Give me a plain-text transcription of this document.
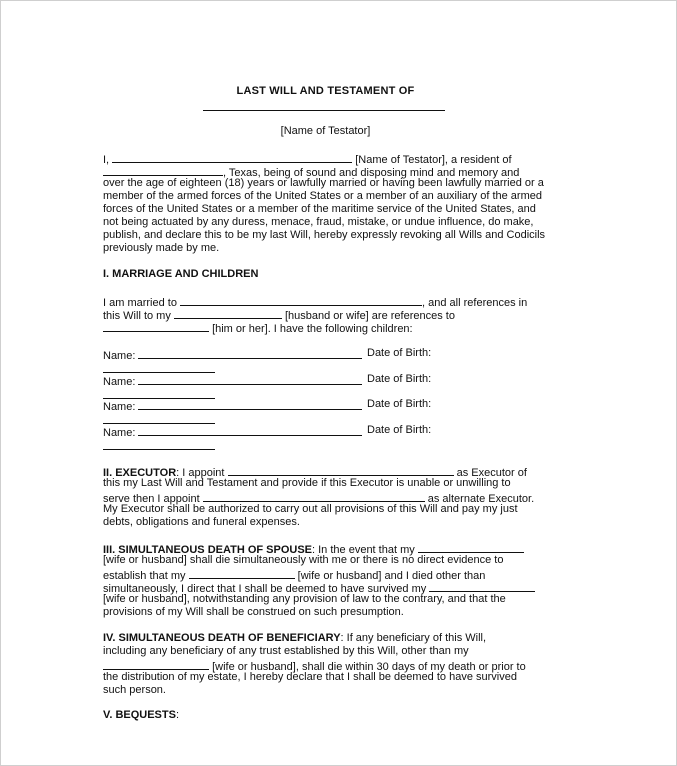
LAST WILL AND TESTAMENT OF
[Name of Testator]
I,	[Name of Testator], a resident of
, Texas, being of sound and disposing mind and memory and

over the age of eighteen (18) years or lawfully married or having been lawfully married or a member of the armed forces of the United States or a member of an auxiliary of the armed forces of the United States or a member of the maritime service of the United States, and not being actuated by any duress, menace, fraud, mistake, or undue influence, do make, publish, and declare this to be my last Will, hereby expressly revoking all Wills and Codicils previously made by me.

I. MARRIAGE AND CHILDREN
I am married to	, and all references in
this Will to my	[husband or wife] are references to
[him or her]. I have the following children:
Name:	Date of Birth:
Name:	Date of Birth:
Name:	Date of Birth:
Name:	Date of Birth:
II. EXECUTOR: I appoint	as Executor of
this my Last Will and Testament and provide if this Executor is unable or unwilling to
serve then I appoint	as alternate Executor.

My Executor shall be authorized to carry out all provisions of this Will and pay my just debts, obligations and funeral expenses.

III. SIMULTANEOUS DEATH OF SPOUSE: In the event that my
[wife or husband] shall die simultaneously with me or there is no direct evidence to
establish that my	[wife or husband] and I died other than
simultaneously, I direct that I shall be deemed to have survived my
[wife or husband], notwithstanding any provision of law to the contrary, and that the
provisions of my Will shall be construed on such presumption.
IV. SIMULTANEOUS DEATH OF BENEFICIARY: If any beneficiary of this Will,
including any beneficiary of any trust established by this Will, other than my
[wife or husband], shall die within 30 days of my death or prior to
the distribution of my estate, I hereby declare that I shall be deemed to have survived
such person.
V. BEQUESTS:
